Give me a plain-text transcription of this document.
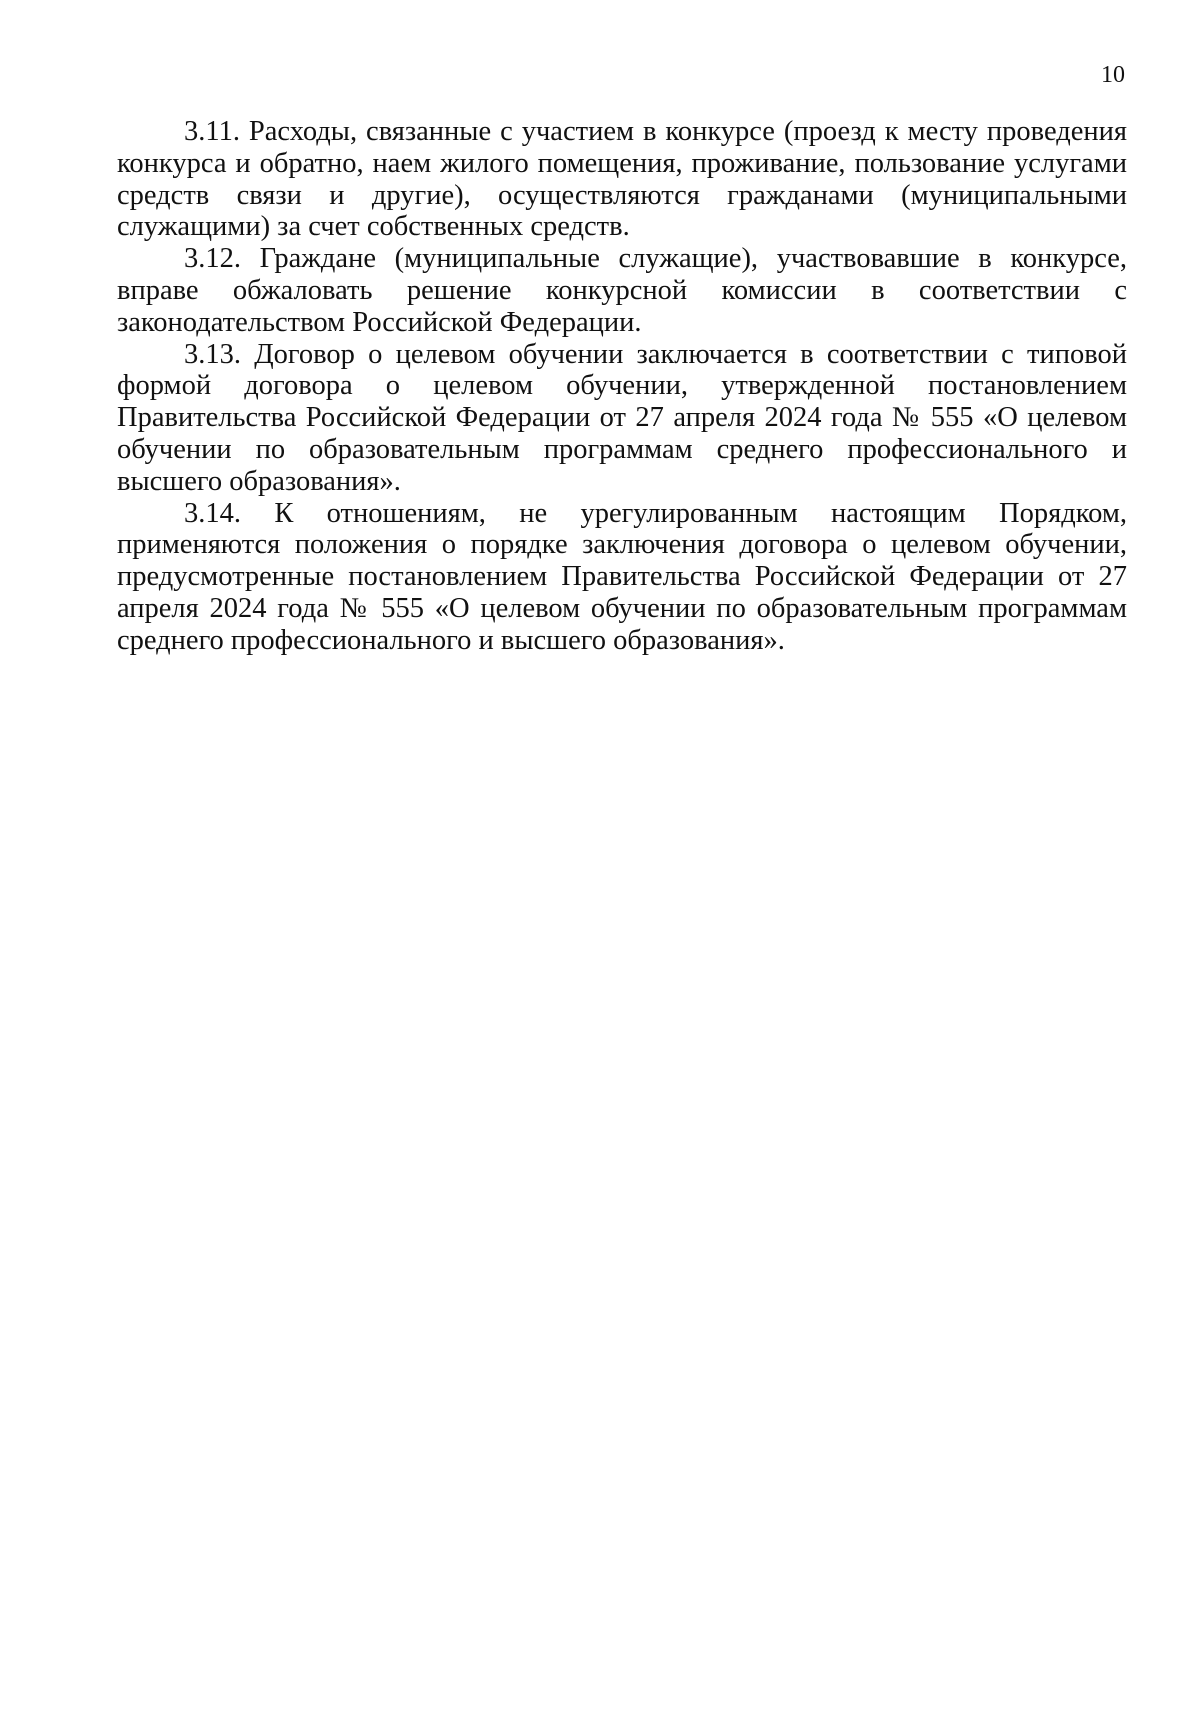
10

3.11. Расходы, связанные с участием в конкурсе (проезд к месту проведения конкурса и обратно, наем жилого помещения, проживание, пользование услугами средств связи и другие), осуществляются гражданами (муниципальными служащими) за счет собственных средств.

3.12. Граждане (муниципальные служащие), участвовавшие в конкурсе, вправе обжаловать решение конкурсной комиссии в соответствии с законодательством Российской Федерации.

3.13. Договор о целевом обучении заключается в соответствии с типовой формой договора о целевом обучении, утвержденной постановлением Правительства Российской Федерации от 27 апреля 2024 года № 555 «О целевом обучении по образовательным программам среднего профессионального и высшего образования».

3.14. К отношениям, не урегулированным настоящим Порядком, применяются положения о порядке заключения договора о целевом обучении, предусмотренные постановлением Правительства Российской Федерации от 27 апреля 2024 года № 555 «О целевом обучении по образовательным программам среднего профессионального и высшего образования».
